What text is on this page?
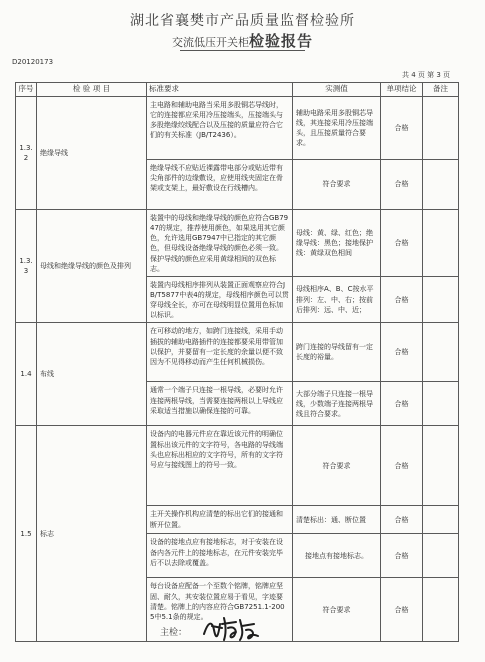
湖北省襄樊市产品质量监督检验所
交流低压开关柜检验报告
D20120173
共 4 页 第 3 页
序号	检 验 项 目	标准要求	实测值	单项结论	备注
1.3.2	绝缘导线	主电路和辅助电路当采用多股铜芯导线时，它的连接都应采用冷压接端头，压接端头与多股绝缘绞线配合以及压接的质量应符合它们的有关标准（JB/T2436）。	辅助电路采用多股铜芯导线，其连接采用冷压接端头，且压接质量符合要求。	合格	
		绝缘导线不应贴近裸露带电部分或贴近带有尖角部件的边缘敷设，应使用线夹固定在骨架或支架上，最好敷设在行线槽内。	符合要求	合格	
1.3.3	母线和绝缘导线的颜色及排列	装置中的母线和绝缘导线的颜色应符合GB7947的规定，推荐使用颜色，如果选用其它颜色，允许选用GB7947中已指定的其它颜色，但母线设备绝缘导线的颜色必须一致。保护导线的颜色应采用黄绿相间的双色标志。	母线：黄、绿、红色；绝缘导线：黑色；接地保护线：黄绿双色相间	合格	
		装置内母线相序排列从装置正面观察应符合JB/T5877中表4的规定，母线相序颜色可以贯穿母线全长，亦可在母线明显位置用色标加以标识。	母线相序A、B、C按水平排列：左、中、右；按前后排列：远、中、近；	合格	
1.4	布线	在可移动的地方，如跨门连接线，采用手动插拔的辅助电路插件的连接都要采用带管加以保护，并要留有一定长度的余量以便不致因为不见得移动而产生任何机械损伤。	跨门连接的导线留有一定长度的裕量。	合格	
		通常一个端子只连接一根导线，必要时允许连接两根导线，当需要连接两根以上导线应采取适当措施以确保连接的可靠。	大部分端子只连接一根导线，少数端子连接两根导线且符合要求。	合格	
1.5	标志	设备内的电器元件应在靠近该元件的明确位置标出该元件的文字符号，各电路的导线端头也应标出相应的文字符号，所有的文字符号应与接线图上的符号一致。	符合要求	合格	
		主开关操作机构应清楚的标出它们的接通和断开位置。	清楚标出：通、断位置	合格	
		设备的接地点应有接地标志，对于安装在设备内各元件上的接地标志，在元件安装完毕后不以去除或覆盖。	接地点有接地标志。	合格	
		每台设备应配备一个至数个铭牌，铭牌应坚固、耐久，其安装位置应易于看见，字迹要清楚。铭牌上的内容应符合GB7251.1-2005中5.1条的规定。	符合要求	合格	
主检：
